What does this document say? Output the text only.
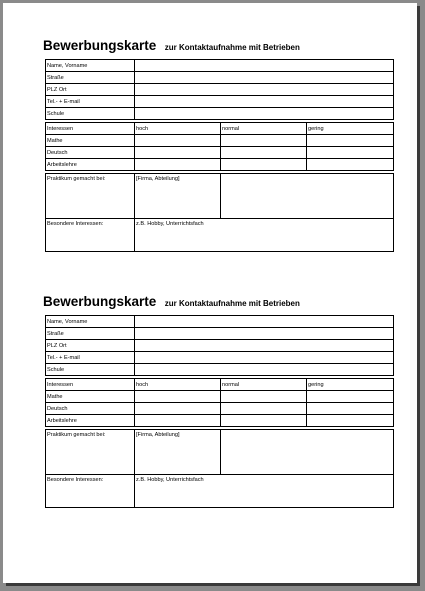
Bewerbungskarte zur Kontaktaufnahme mit Betrieben
Name, Vorname			
Straße			
PLZ Ort			
Tel.- + E-mail			
Schule			

Interessen	hoch	normal	gering
Mathe			
Deutsch			
Arbeitslehre			

Praktikum gemacht bei:	[Firma, Abteilung]		
Besondere Interessen:	z.B. Hobby, Unterrichtsfach		
Bewerbungskarte zur Kontaktaufnahme mit Betrieben
Name, Vorname			
Straße			
PLZ Ort			
Tel.- + E-mail			
Schule			

Interessen	hoch	normal	gering
Mathe			
Deutsch			
Arbeitslehre			

Praktikum gemacht bei:	[Firma, Abteilung]		
Besondere Interessen:	z.B. Hobby, Unterrichtsfach		
